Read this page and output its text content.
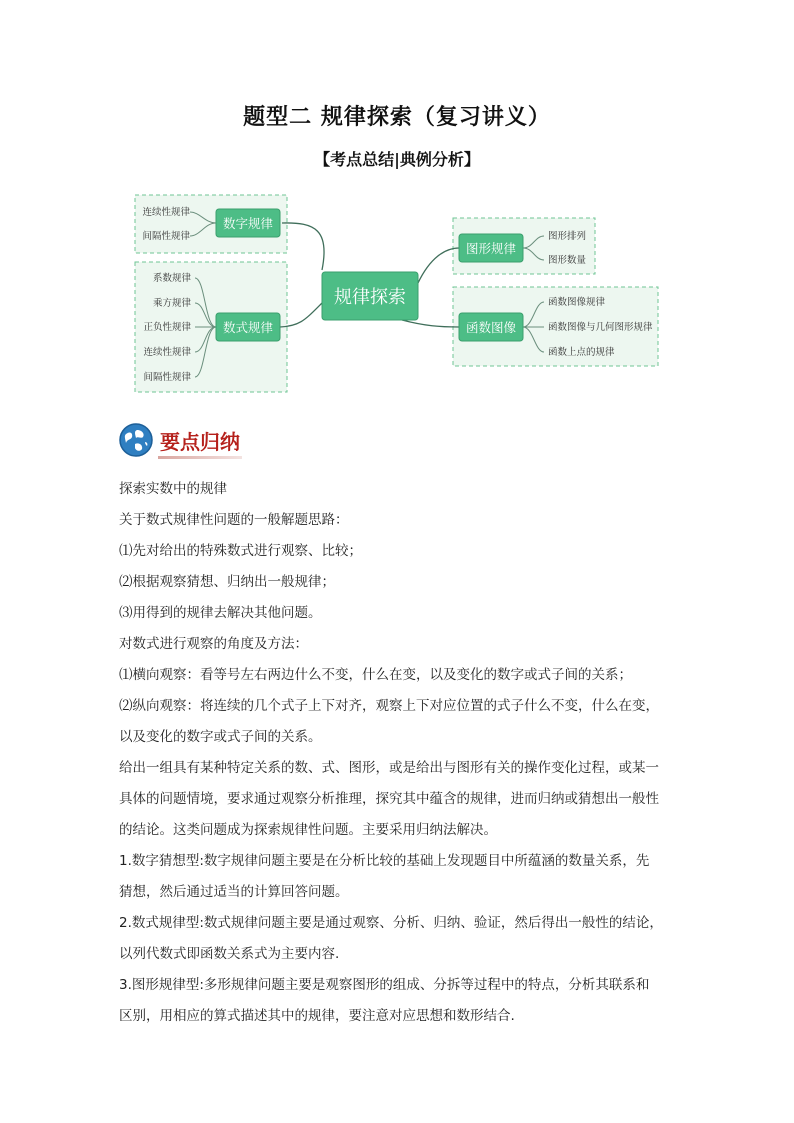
题型二 规律探索（复习讲义）
【考点总结|典例分析】
规律探索
数字规律
数式规律
图形规律
函数图像
连续性规律
间隔性规律
系数规律
乘方规律
正负性规律
连续性规律
间隔性规律
图形排列
图形数量
函数图像规律
函数图像与几何图形规律
函数上点的规律
要点归纳

探索实数中的规律

关于数式规律性问题的一般解题思路：

⑴先对给出的特殊数式进行观察、比较；

⑵根据观察猜想、归纳出一般规律；

⑶用得到的规律去解决其他问题。

对数式进行观察的角度及方法：

⑴横向观察：看等号左右两边什么不变，什么在变，以及变化的数字或式子间的关系；

⑵纵向观察：将连续的几个式子上下对齐，观察上下对应位置的式子什么不变，什么在变，

以及变化的数字或式子间的关系。

给出一组具有某种特定关系的数、式、图形，或是给出与图形有关的操作变化过程，或某一

具体的问题情境，要求通过观察分析推理，探究其中蕴含的规律，进而归纳或猜想出一般性

的结论。这类问题成为探索规律性问题。主要采用归纳法解决。

1.数字猜想型:数字规律问题主要是在分析比较的基础上发现题目中所蕴涵的数量关系，先

猜想，然后通过适当的计算回答问题。

2.数式规律型:数式规律问题主要是通过观察、分析、归纳、验证，然后得出一般性的结论，

以列代数式即函数关系式为主要内容.

3.图形规律型:多形规律问题主要是观察图形的组成、分拆等过程中的特点，分析其联系和

区别，用相应的算式描述其中的规律，要注意对应思想和数形结合.
